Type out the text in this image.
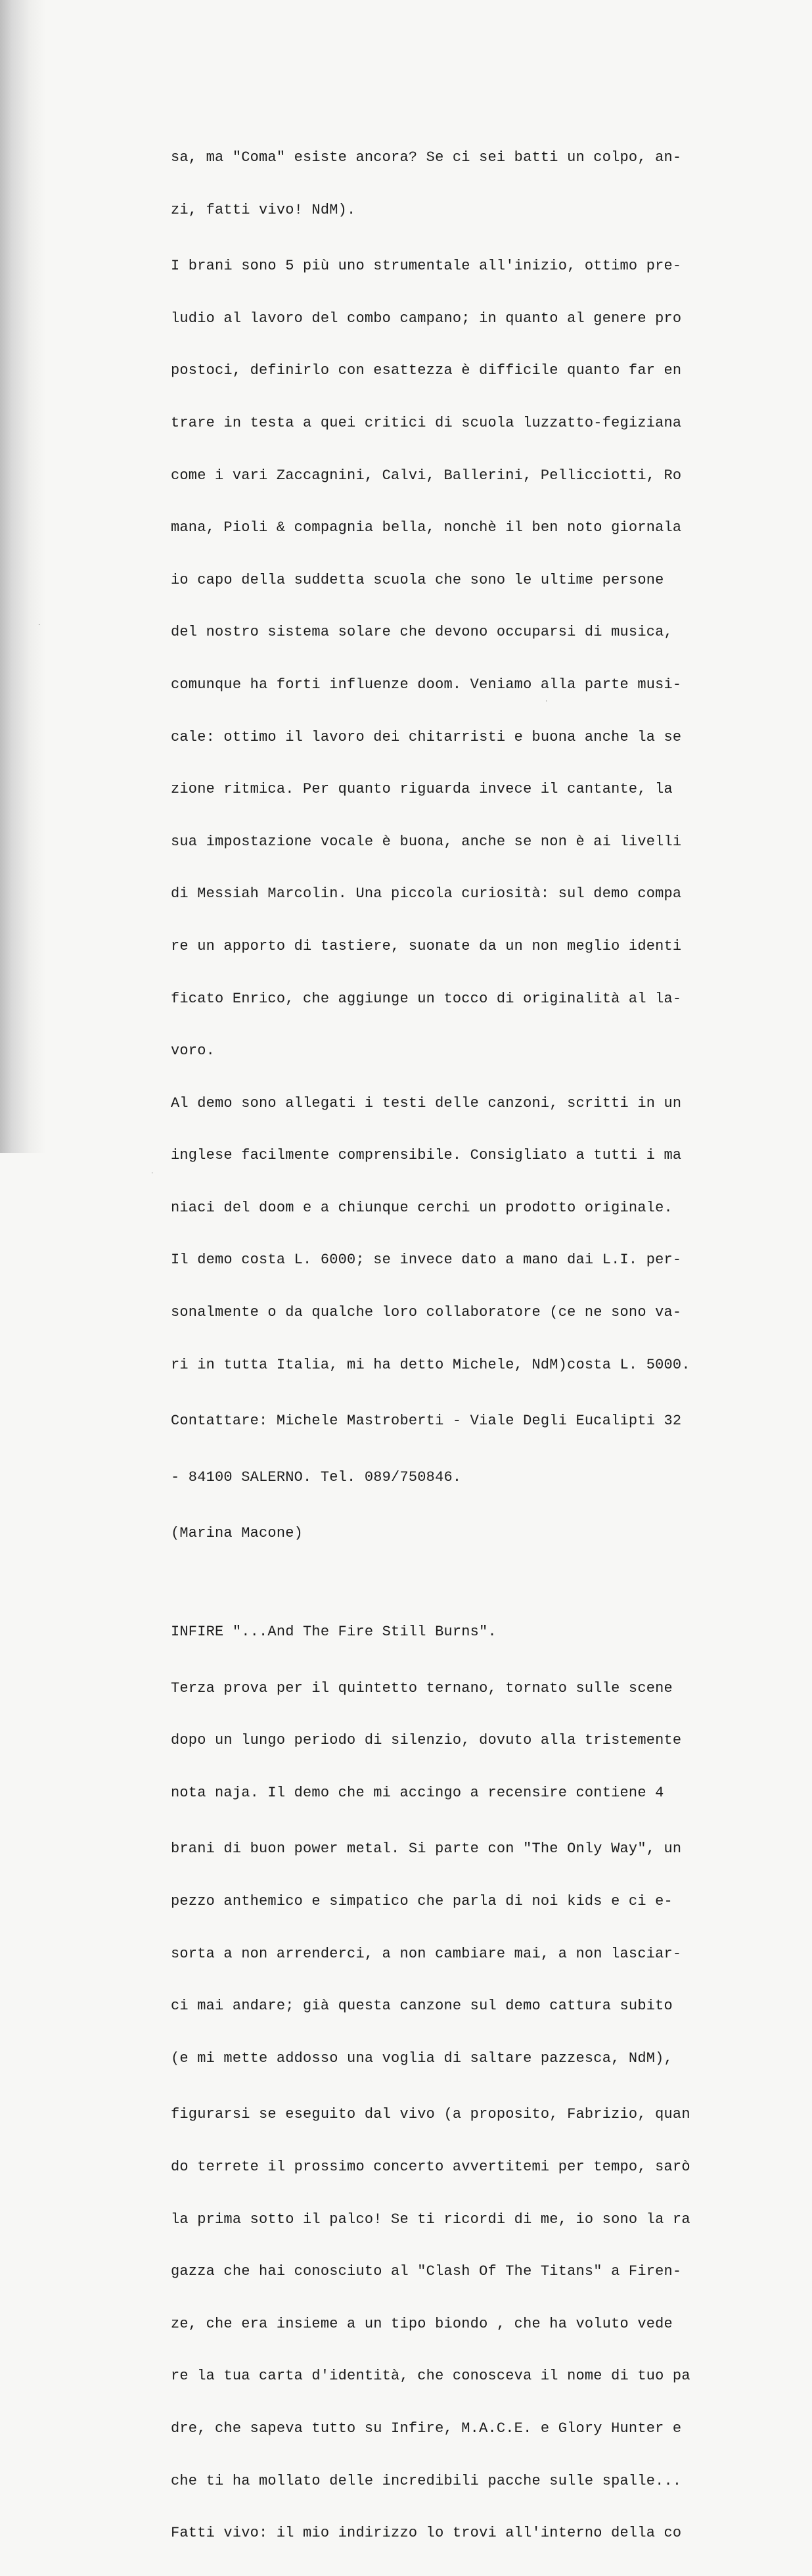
sa, ma "Coma" esiste ancora? Se ci sei batti un colpo, an-

zi, fatti vivo! NdM).

I brani sono 5 più uno strumentale all'inizio, ottimo pre-

ludio al lavoro del combo campano; in quanto al genere pro

postoci, definirlo con esattezza è difficile quanto far en

trare in testa a quei critici di scuola luzzatto-fegiziana

come i vari Zaccagnini, Calvi, Ballerini, Pellicciotti, Ro

mana, Pioli & compagnia bella, nonchè il ben noto giornala

io capo della suddetta scuola che sono le ultime persone

del nostro sistema solare che devono occuparsi di musica,

comunque ha forti influenze doom. Veniamo alla parte musi-

cale: ottimo il lavoro dei chitarristi e buona anche la se

zione ritmica. Per quanto riguarda invece il cantante, la

sua impostazione vocale è buona, anche se non è ai livelli

di Messiah Marcolin. Una piccola curiosità: sul demo compa

re un apporto di tastiere, suonate da un non meglio identi

ficato Enrico, che aggiunge un tocco di originalità al la-

voro.

Al demo sono allegati i testi delle canzoni, scritti in un

inglese facilmente comprensibile. Consigliato a tutti i ma

niaci del doom e a chiunque cerchi un prodotto originale.

Il demo costa L. 6000; se invece dato a mano dai L.I. per-

sonalmente o da qualche loro collaboratore (ce ne sono va-

ri in tutta Italia, mi ha detto Michele, NdM)costa L. 5000.

Contattare: Michele Mastroberti - Viale Degli Eucalipti 32

- 84100 SALERNO. Tel. 089/750846.

(Marina Macone)

INFIRE "...And The Fire Still Burns".

Terza prova per il quintetto ternano, tornato sulle scene

dopo un lungo periodo di silenzio, dovuto alla tristemente

nota naja. Il demo che mi accingo a recensire contiene 4

brani di buon power metal. Si parte con "The Only Way", un

pezzo anthemico e simpatico che parla di noi kids e ci e-

sorta a non arrenderci, a non cambiare mai, a non lasciar-

ci mai andare; già questa canzone sul demo cattura subito

(e mi mette addosso una voglia di saltare pazzesca, NdM),

figurarsi se eseguito dal vivo (a proposito, Fabrizio, quan

do terrete il prossimo concerto avvertitemi per tempo, sarò

la prima sotto il palco! Se ti ricordi di me, io sono la ra

gazza che hai conosciuto al "Clash Of The Titans" a Firen-

ze, che era insieme a un tipo biondo , che ha voluto vede

re la tua carta d'identità, che conosceva il nome di tuo pa

dre, che sapeva tutto su Infire, M.A.C.E. e Glory Hunter e

che ti ha mollato delle incredibili pacche sulle spalle...

Fatti vivo: il mio indirizzo lo trovi all'interno della co

·
·
·
